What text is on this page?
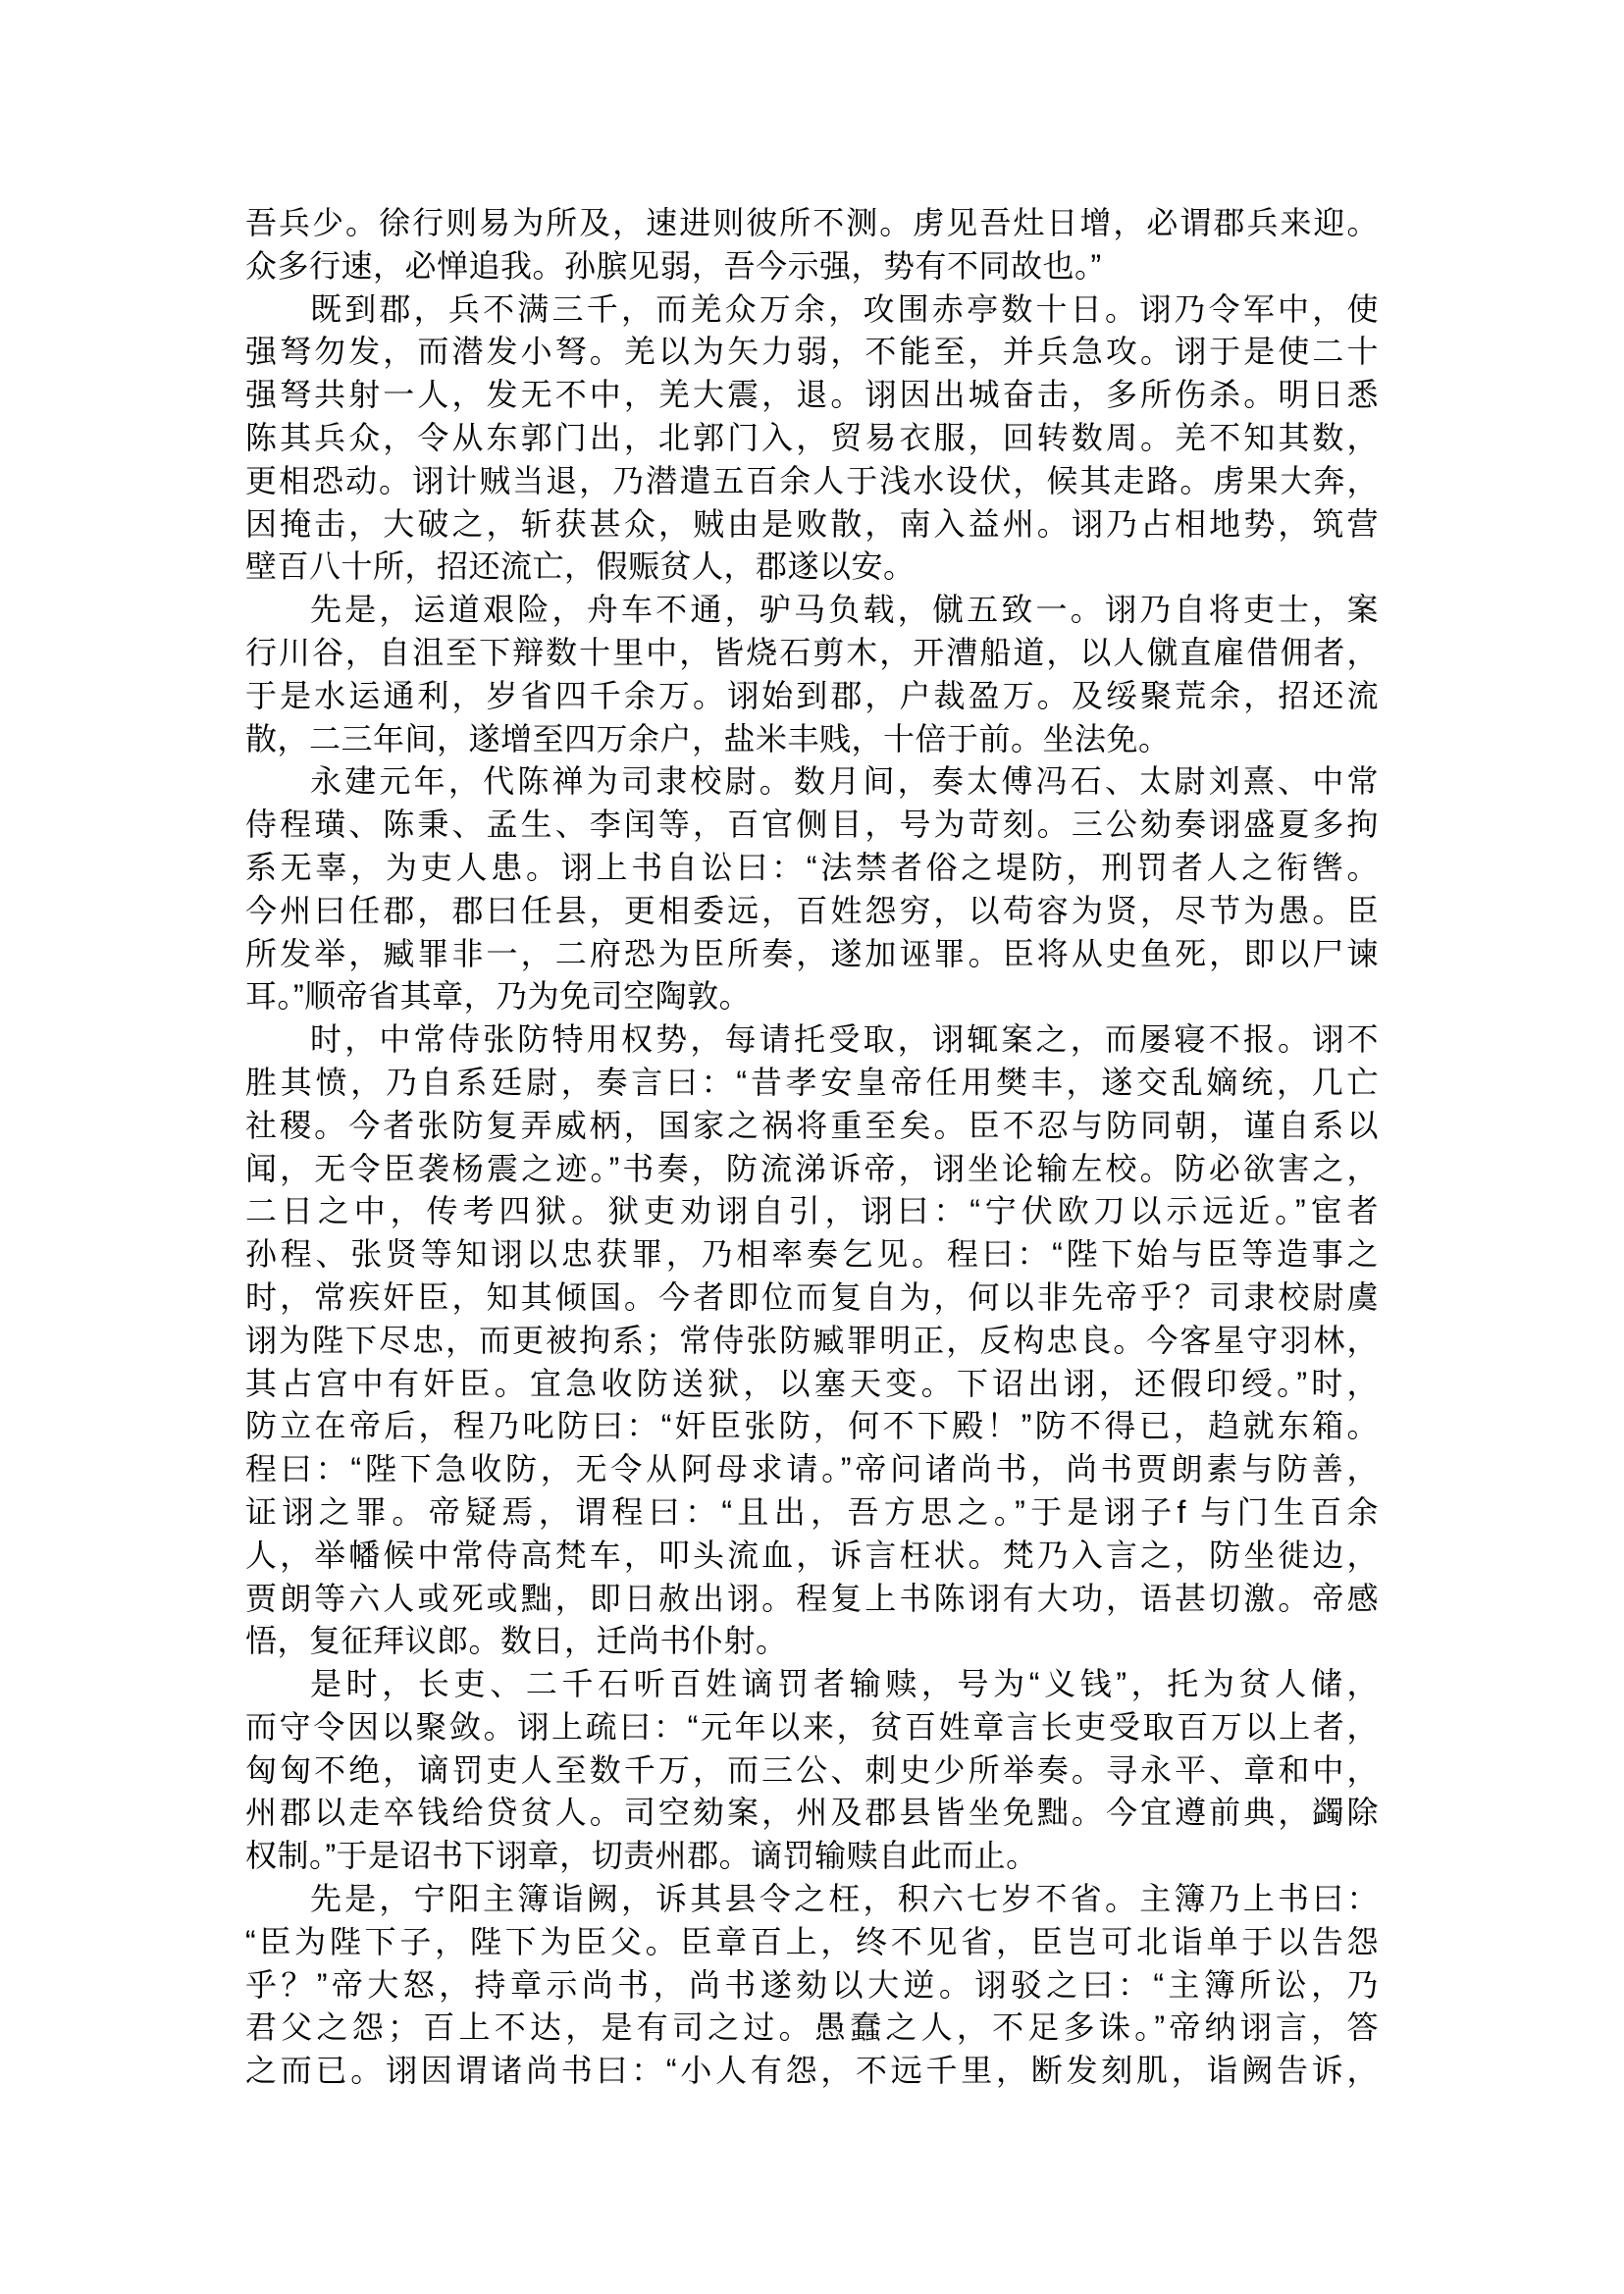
吾兵少。徐行则易为所及，速进则彼所不测。虏见吾灶日增，必谓郡兵来迎。
众多行速，必惮追我。孙膑见弱，吾今示强，势有不同故也。”
既到郡，兵不满三千，而羌众万余，攻围赤亭数十日。诩乃令军中，使
强弩勿发，而潜发小弩。羌以为矢力弱，不能至，并兵急攻。诩于是使二十
强弩共射一人，发无不中，羌大震，退。诩因出城奋击，多所伤杀。明日悉
陈其兵众，令从东郭门出，北郭门入，贸易衣服，回转数周。羌不知其数，
更相恐动。诩计贼当退，乃潜遣五百余人于浅水设伏，候其走路。虏果大奔，
因掩击，大破之，斩获甚众，贼由是败散，南入益州。诩乃占相地势，筑营
壁百八十所，招还流亡，假赈贫人，郡遂以安。
先是，运道艰险，舟车不通，驴马负载，僦五致一。诩乃自将吏士，案
行川谷，自沮至下辩数十里中，皆烧石剪木，开漕船道，以人僦直雇借佣者，
于是水运通利，岁省四千余万。诩始到郡，户裁盈万。及绥聚荒余，招还流
散，二三年间，遂增至四万余户，盐米丰贱，十倍于前。坐法免。
永建元年，代陈禅为司隶校尉。数月间，奏太傅冯石、太尉刘熹、中常
侍程璜、陈秉、孟生、李闰等，百官侧目，号为苛刻。三公劾奏诩盛夏多拘
系无辜，为吏人患。诩上书自讼曰：“法禁者俗之堤防，刑罚者人之衔辔。
今州曰任郡，郡曰任县，更相委远，百姓怨穷，以苟容为贤，尽节为愚。臣
所发举，臧罪非一，二府恐为臣所奏，遂加诬罪。臣将从史鱼死，即以尸谏
耳。”顺帝省其章，乃为免司空陶敦。
时，中常侍张防特用权势，每请托受取，诩辄案之，而屡寝不报。诩不
胜其愤，乃自系廷尉，奏言曰：“昔孝安皇帝任用樊丰，遂交乱嫡统，几亡
社稷。今者张防复弄威柄，国家之祸将重至矣。臣不忍与防同朝，谨自系以
闻，无令臣袭杨震之迹。”书奏，防流涕诉帝，诩坐论输左校。防必欲害之，
二日之中，传考四狱。狱吏劝诩自引，诩曰：“宁伏欧刀以示远近。”宦者
孙程、张贤等知诩以忠获罪，乃相率奏乞见。程曰：“陛下始与臣等造事之
时，常疾奸臣，知其倾国。今者即位而复自为，何以非先帝乎？司隶校尉虞
诩为陛下尽忠，而更被拘系；常侍张防臧罪明正，反构忠良。今客星守羽林，
其占宫中有奸臣。宜急收防送狱，以塞天变。下诏出诩，还假印绶。”时，
防立在帝后，程乃叱防曰：“奸臣张防，何不下殿！”防不得已，趋就东箱。
程曰：“陛下急收防，无令从阿母求请。”帝问诸尚书，尚书贾朗素与防善，
证诩之罪。帝疑焉，谓程曰：“且出，吾方思之。”于是诩子f 与门生百余
人，举幡候中常侍高梵车，叩头流血，诉言枉状。梵乃入言之，防坐徙边，
贾朗等六人或死或黜，即日赦出诩。程复上书陈诩有大功，语甚切激。帝感
悟，复征拜议郎。数日，迁尚书仆射。
是时，长吏、二千石听百姓谪罚者输赎，号为“义钱”，托为贫人储，
而守令因以聚敛。诩上疏曰：“元年以来，贫百姓章言长吏受取百万以上者，
匈匈不绝，谪罚吏人至数千万，而三公、刺史少所举奏。寻永平、章和中，
州郡以走卒钱给贷贫人。司空劾案，州及郡县皆坐免黜。今宜遵前典，蠲除
权制。”于是诏书下诩章，切责州郡。谪罚输赎自此而止。
先是，宁阳主簿诣阙，诉其县令之枉，积六七岁不省。主簿乃上书曰：
“臣为陛下子，陛下为臣父。臣章百上，终不见省，臣岂可北诣单于以告怨
乎？”帝大怒，持章示尚书，尚书遂劾以大逆。诩驳之曰：“主簿所讼，乃
君父之怨；百上不达，是有司之过。愚蠢之人，不足多诛。”帝纳诩言，答
之而已。诩因谓诸尚书曰：“小人有怨，不远千里，断发刻肌，诣阙告诉，
